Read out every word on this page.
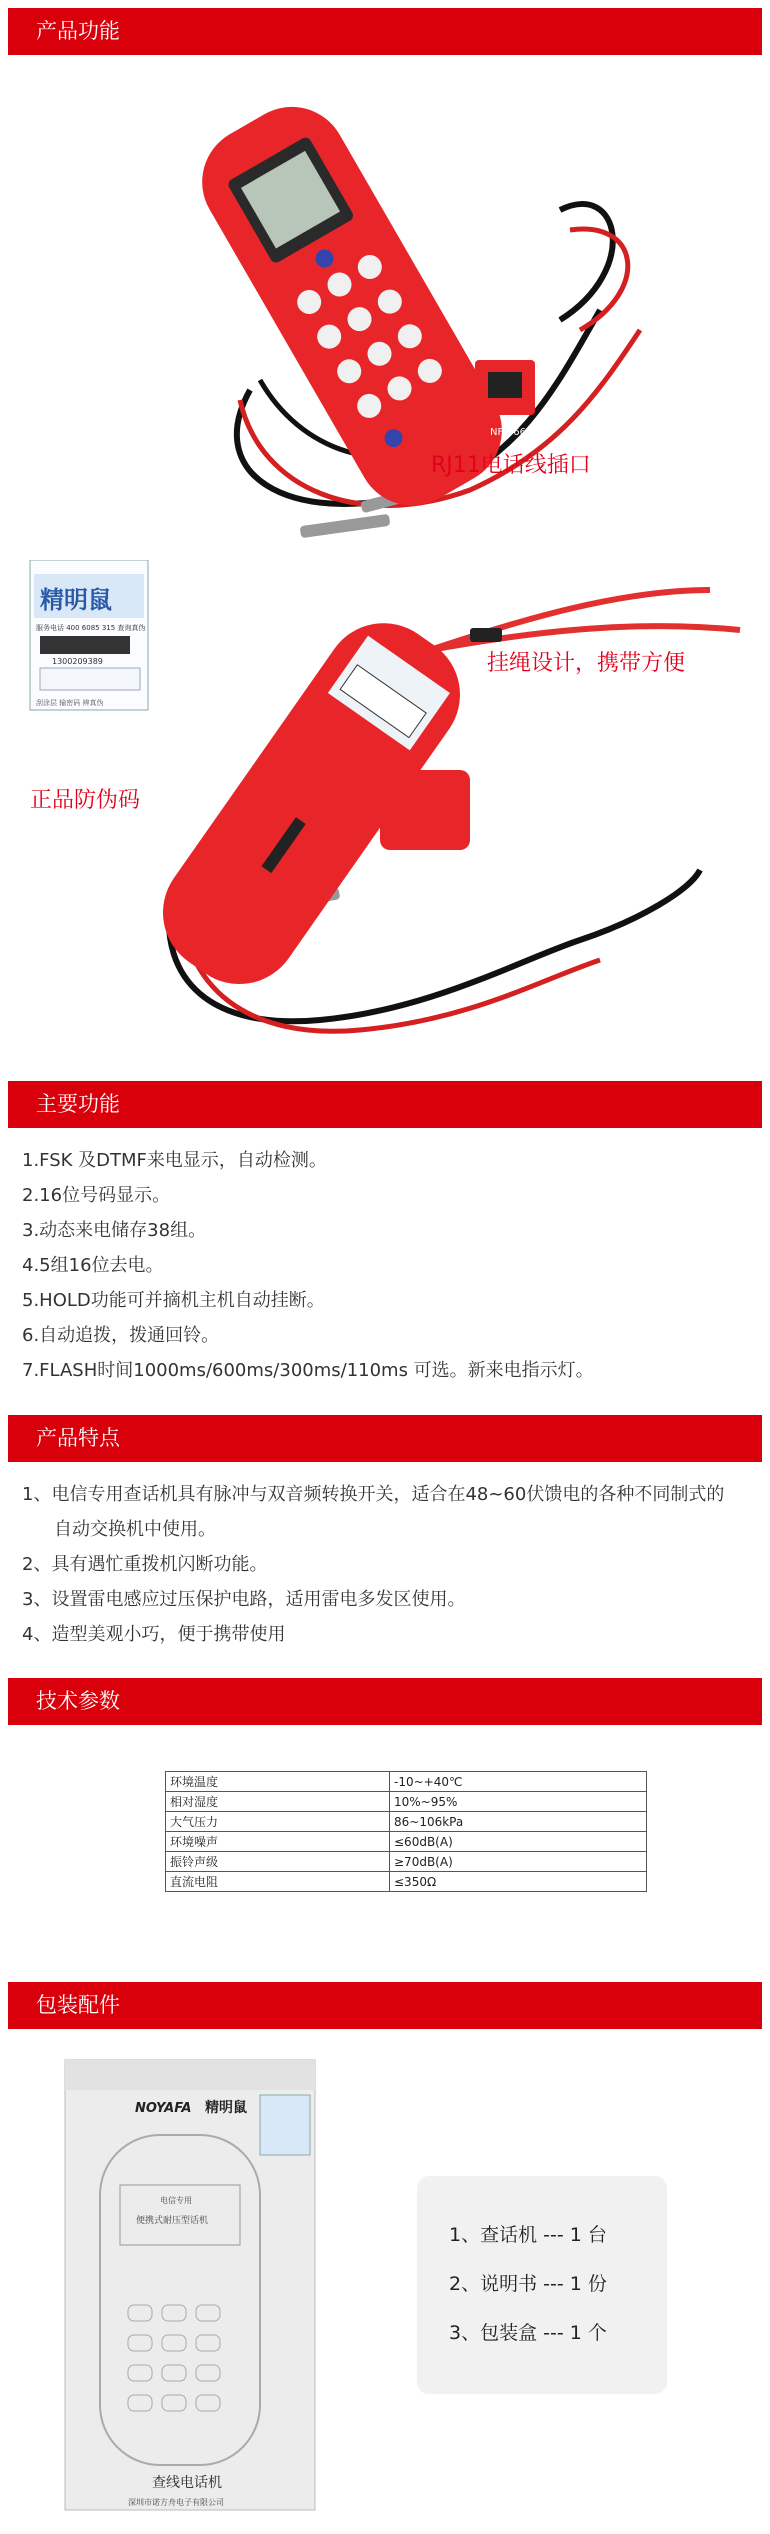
产品功能
NF-866
RJ11电话线插口
精明鼠
服务电话 400 6085 315 查询真伪
1300209389
刮涂层 输密码 辨真伪
挂绳设计，携带方便
正品防伪码
主要功能
1.FSK 及DTMF来电显示，自动检测。
2.16位号码显示。
3.动态来电储存38组。
4.5组16位去电。
5.HOLD功能可并摘机主机自动挂断。
6.自动追拨，拨通回铃。
7.FLASH时间1000ms/600ms/300ms/110ms 可选。新来电指示灯。
产品特点
1、电信专用查话机具有脉冲与双音频转换开关，适合在48~60伏馈电的各种不同制式的
自动交换机中使用。
2、具有遇忙重拨机闪断功能。
3、设置雷电感应过压保护电路，适用雷电多发区使用。
4、造型美观小巧，便于携带使用
技术参数
环境温度	-10~+40℃
相对湿度	10%~95%
大气压力	86~106kPa
环境噪声	≤60dB(A)
振铃声级	≥70dB(A)
直流电阻	≤350Ω
包装配件
NOYAFA 精明鼠
电信专用
便携式耐压型话机
查线电话机
深圳市诺方舟电子有限公司
1、查话机 --- 1 台
2、说明书 --- 1 份
3、包装盒 --- 1 个
